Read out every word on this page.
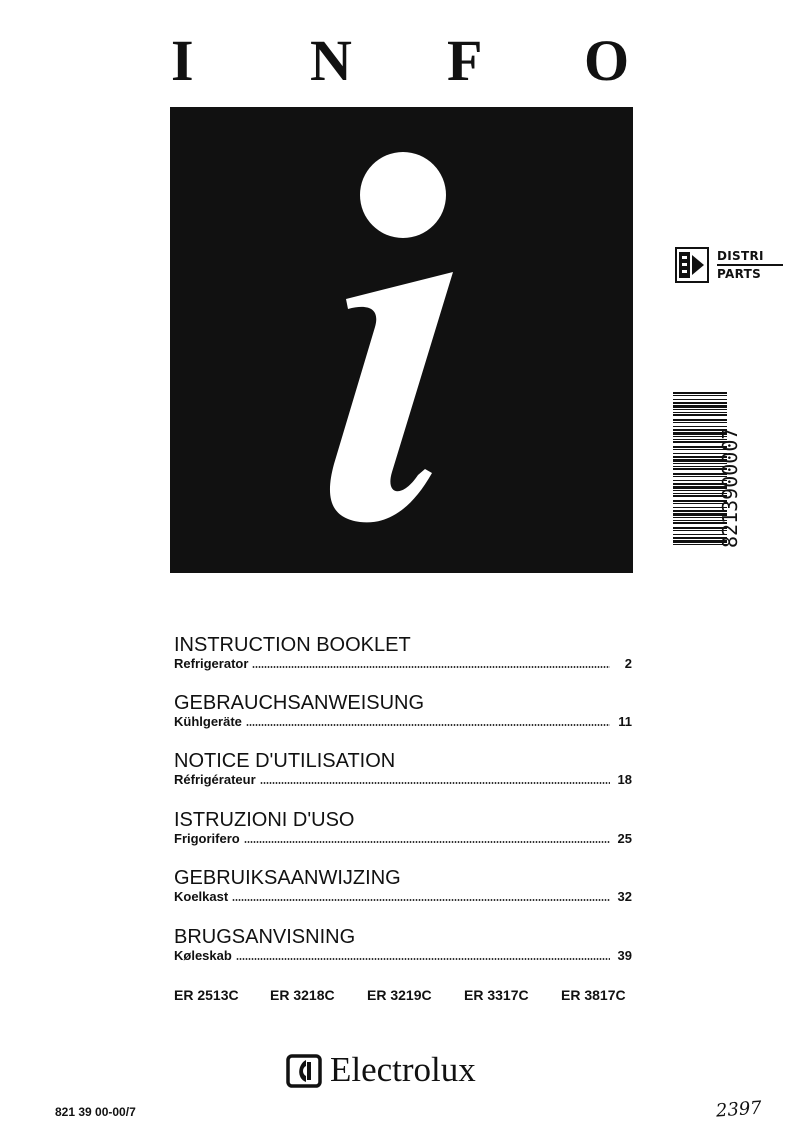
I N F O
DISTRI
PARTS
8213900007
INSTRUCTION BOOKLET
Refrigerator	2
GEBRAUCHSANWEISUNG
Kühlgeräte	11
NOTICE D'UTILISATION
Réfrigérateur	18
ISTRUZIONI D'USO
Frigorifero	25
GEBRUIKSAANWIJZING
Koelkast	32
BRUGSANVISNING
Køleskab	39
ER 2513C ER 3218C ER 3219C ER 3317C ER 3817C
Electrolux
821 39 00-00/7	2397
